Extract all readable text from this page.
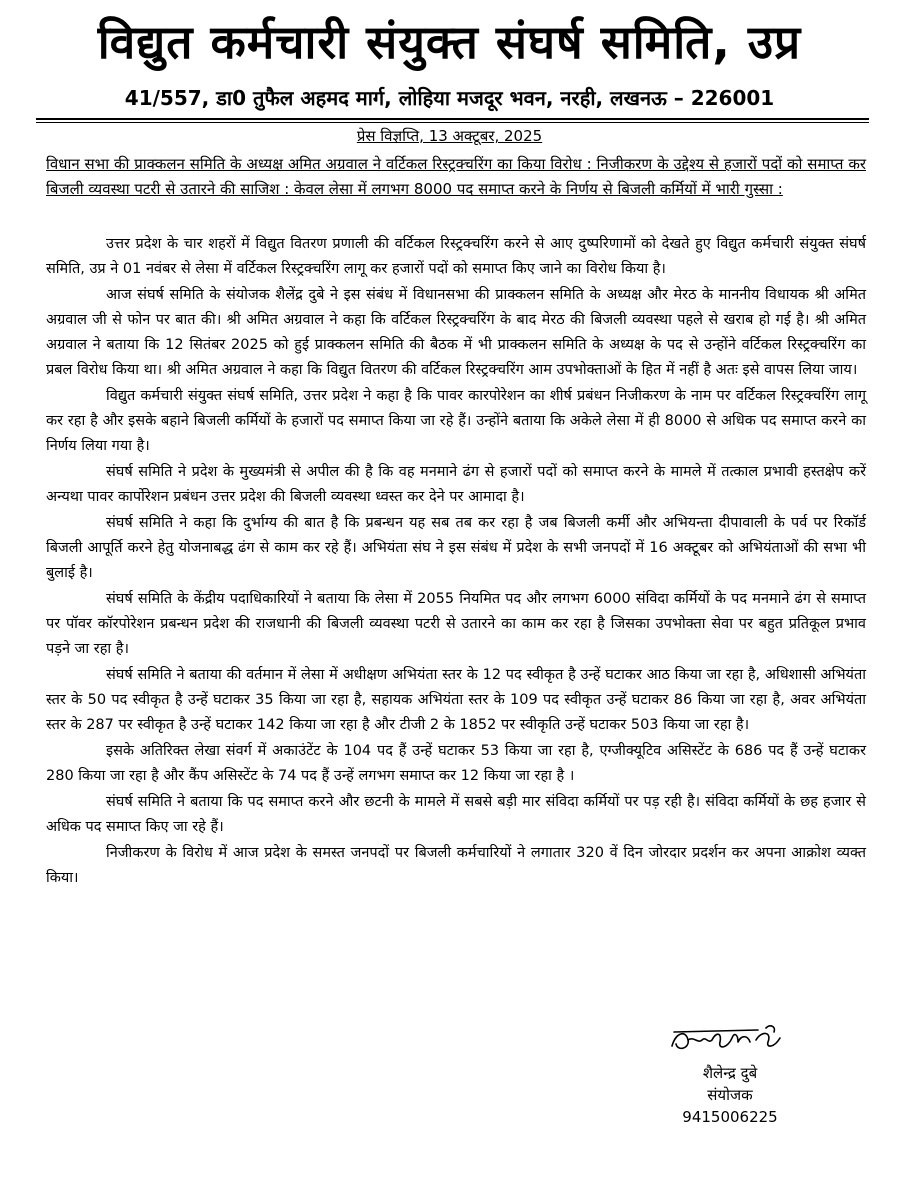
विद्युत कर्मचारी संयुक्त संघर्ष समिति, उप्र
41/557, डा0 तुफैल अहमद मार्ग, लोहिया मजदूर भवन, नरही, लखनऊ – 226001
प्रेस विज्ञप्ति, 13 अक्टूबर, 2025

विधान सभा की प्राक्कलन समिति के अध्यक्ष अमित अग्रवाल ने वर्टिकल रिस्ट्रक्चरिंग का किया विरोध : निजीकरण के उद्देश्य से हजारों पदों को समाप्त कर बिजली व्यवस्था पटरी से उतारने की साजिश : केवल लेसा में लगभग 8000 पद समाप्त करने के निर्णय से बिजली कर्मियों में भारी गुस्सा :

उत्तर प्रदेश के चार शहरों में विद्युत वितरण प्रणाली की वर्टिकल रिस्ट्रक्चरिंग करने से आए दुष्परिणामों को देखते हुए विद्युत कर्मचारी संयुक्त संघर्ष समिति, उप्र ने 01 नवंबर से लेसा में वर्टिकल रिस्ट्रक्चरिंग लागू कर हजारों पदों को समाप्त किए जाने का विरोध किया है।

आज संघर्ष समिति के संयोजक शैलेंद्र दुबे ने इस संबंध में विधानसभा की प्राक्कलन समिति के अध्यक्ष और मेरठ के माननीय विधायक श्री अमित अग्रवाल जी से फोन पर बात की। श्री अमित अग्रवाल ने कहा कि वर्टिकल रिस्ट्रक्चरिंग के बाद मेरठ की बिजली व्यवस्था पहले से खराब हो गई है। श्री अमित अग्रवाल ने बताया कि 12 सितंबर 2025 को हुई प्राक्कलन समिति की बैठक में भी प्राक्कलन समिति के अध्यक्ष के पद से उन्होंने वर्टिकल रिस्ट्रक्चरिंग का प्रबल विरोध किया था। श्री अमित अग्रवाल ने कहा कि विद्युत वितरण की वर्टिकल रिस्ट्रक्चरिंग आम उपभोक्ताओं के हित में नहीं है अतः इसे वापस लिया जाय।

विद्युत कर्मचारी संयुक्त संघर्ष समिति, उत्तर प्रदेश ने कहा है कि पावर कारपोरेशन का शीर्ष प्रबंधन निजीकरण के नाम पर वर्टिकल रिस्ट्रक्चरिंग लागू कर रहा है और इसके बहाने बिजली कर्मियों के हजारों पद समाप्त किया जा रहे हैं। उन्होंने बताया कि अकेले लेसा में ही 8000 से अधिक पद समाप्त करने का निर्णय लिया गया है।

संघर्ष समिति ने प्रदेश के मुख्यमंत्री से अपील की है कि वह मनमाने ढंग से हजारों पदों को समाप्त करने के मामले में तत्काल प्रभावी हस्तक्षेप करें अन्यथा पावर कार्पोरेशन प्रबंधन उत्तर प्रदेश की बिजली व्यवस्था ध्वस्त कर देने पर आमादा है।

संघर्ष समिति ने कहा कि दुर्भाग्य की बात है कि प्रबन्धन यह सब तब कर रहा है जब बिजली कर्मी और अभियन्ता दीपावाली के पर्व पर रिकॉर्ड बिजली आपूर्ति करने हेतु योजनाबद्ध ढंग से काम कर रहे हैं। अभियंता संघ ने इस संबंध में प्रदेश के सभी जनपदों में 16 अक्टूबर को अभियंताओं की सभा भी बुलाई है।

संघर्ष समिति के केंद्रीय पदाधिकारियों ने बताया कि लेसा में 2055 नियमित पद और लगभग 6000 संविदा कर्मियों के पद मनमाने ढंग से समाप्त पर पॉवर कॉरपोरेशन प्रबन्धन प्रदेश की राजधानी की बिजली व्यवस्था पटरी से उतारने का काम कर रहा है जिसका उपभोक्ता सेवा पर बहुत प्रतिकूल प्रभाव पड़ने जा रहा है।

संघर्ष समिति ने बताया की वर्तमान में लेसा में अधीक्षण अभियंता स्तर के 12 पद स्वीकृत है उन्हें घटाकर आठ किया जा रहा है, अधिशासी अभियंता स्तर के 50 पद स्वीकृत है उन्हें घटाकर 35 किया जा रहा है, सहायक अभियंता स्तर के 109 पद स्वीकृत उन्हें घटाकर 86 किया जा रहा है, अवर अभियंता स्तर के 287 पर स्वीकृत है उन्हें घटाकर 142 किया जा रहा है और टीजी 2 के 1852 पर स्वीकृति उन्हें घटाकर 503 किया जा रहा है।

इसके अतिरिक्त लेखा संवर्ग में अकाउंटेंट के 104 पद हैं उन्हें घटाकर 53 किया जा रहा है, एग्जीक्यूटिव असिस्टेंट के 686 पद हैं उन्हें घटाकर 280 किया जा रहा है और कैंप असिस्टेंट के 74 पद हैं उन्हें लगभग समाप्त कर 12 किया जा रहा है ।

संघर्ष समिति ने बताया कि पद समाप्त करने और छटनी के मामले में सबसे बड़ी मार संविदा कर्मियों पर पड़ रही है। संविदा कर्मियों के छह हजार से अधिक पद समाप्त किए जा रहे हैं।

निजीकरण के विरोध में आज प्रदेश के समस्त जनपदों पर बिजली कर्मचारियों ने लगातार 320 वें दिन जोरदार प्रदर्शन कर अपना आक्रोश व्यक्त किया।

शैलेन्द्र दुबे
संयोजक
9415006225
